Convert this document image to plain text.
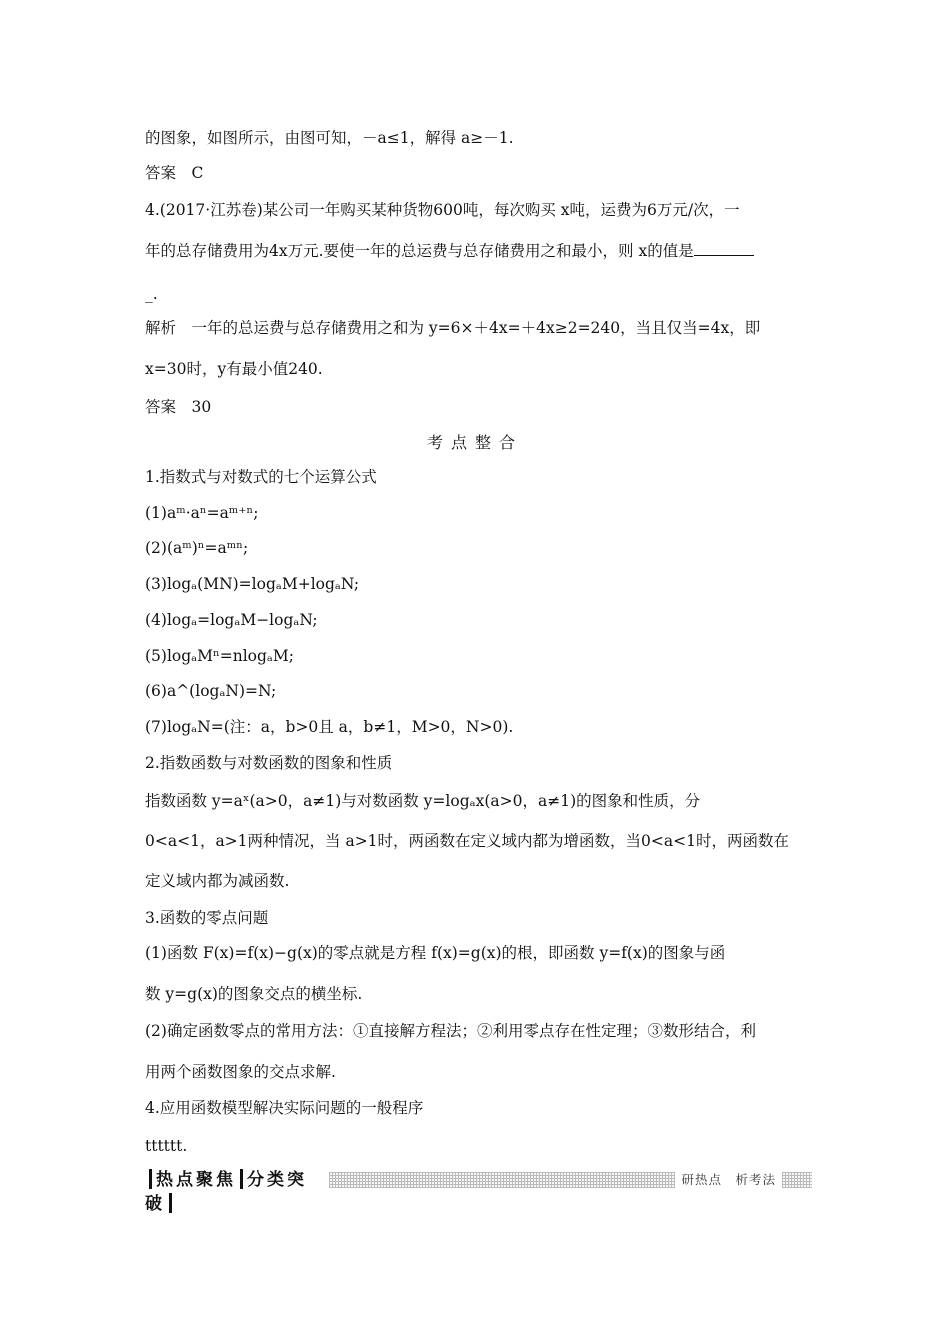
的图象，如图所示，由图可知，－a≤1，解得 a≥－1.
答案　C
4.(2017·江苏卷)某公司一年购买某种货物600吨，每次购买 x吨，运费为6万元/次，一
年的总存储费用为4x万元.要使一年的总运费与总存储费用之和最小，则 x的值是
_.
解析　一年的总运费与总存储费用之和为 y=6×＋4x=＋4x≥2=240，当且仅当=4x，即
x=30时，y有最小值240.
答案　30
考点整合
1.指数式与对数式的七个运算公式
(1)aᵐ·aⁿ=aᵐ⁺ⁿ;
(2)(aᵐ)ⁿ=aᵐⁿ;
(3)logₐ(MN)=logₐM+logₐN;
(4)logₐ=logₐM−logₐN;
(5)logₐMⁿ=nlogₐM;
(6)a^(logₐN)=N;
(7)logₐN=(注：a，b>0且 a，b≠1，M>0，N>0).
2.指数函数与对数函数的图象和性质
指数函数 y=aˣ(a>0，a≠1)与对数函数 y=logₐx(a>0，a≠1)的图象和性质，分
0<a<1，a>1两种情况，当 a>1时，两函数在定义域内都为增函数，当0<a<1时，两函数在
定义域内都为减函数.
3.函数的零点问题
(1)函数 F(x)=f(x)−g(x)的零点就是方程 f(x)=g(x)的根，即函数 y=f(x)的图象与函
数 y=g(x)的图象交点的横坐标.
(2)确定函数零点的常用方法：①直接解方程法；②利用零点存在性定理；③数形结合，利
用两个函数图象的交点求解.
4.应用函数模型解决实际问题的一般程序
tttttt.
热点聚焦 分类突破
研热点　析考法
